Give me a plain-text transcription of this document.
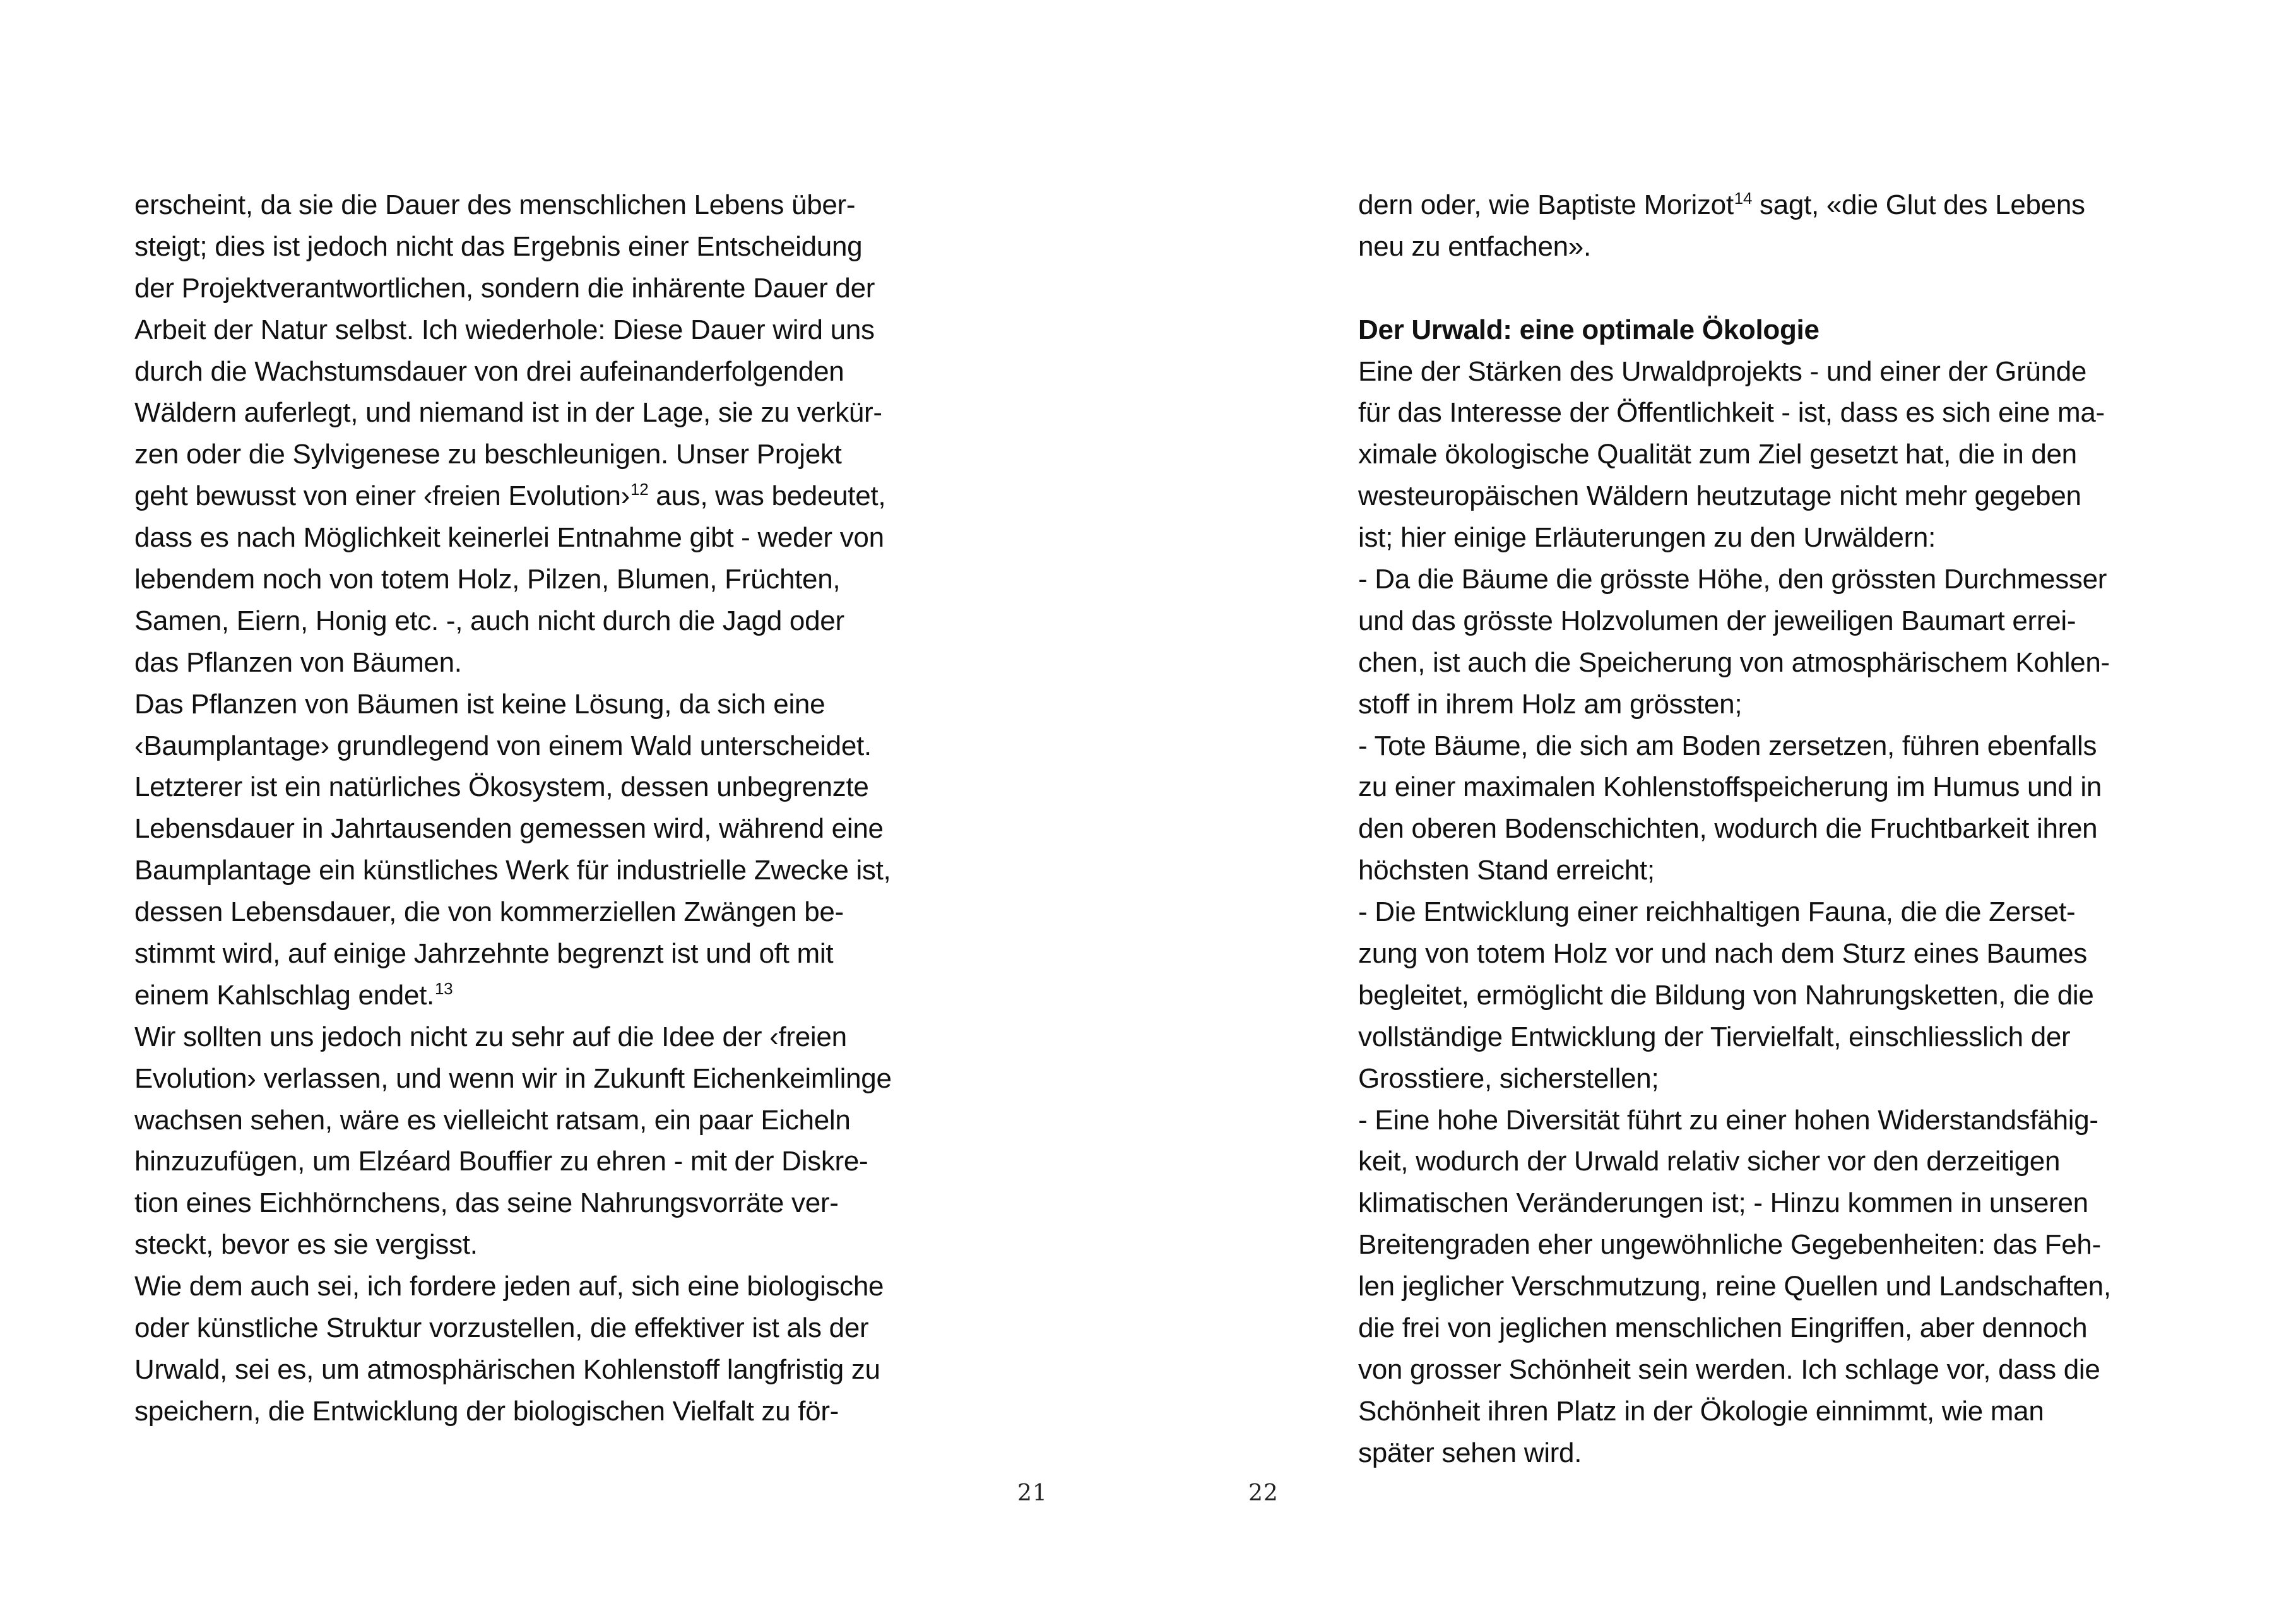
erscheint, da sie die Dauer des menschlichen Lebens über-
steigt; dies ist jedoch nicht das Ergebnis einer Entscheidung
der Projektverantwortlichen, sondern die inhärente Dauer der
Arbeit der Natur selbst. Ich wiederhole: Diese Dauer wird uns
durch die Wachstumsdauer von drei aufeinanderfolgenden
Wäldern auferlegt, und niemand ist in der Lage, sie zu verkür-
zen oder die Sylvigenese zu beschleunigen. Unser Projekt
geht bewusst von einer ‹freien Evolution›$^{12}$ aus, was bedeutet,
dass es nach Möglichkeit keinerlei Entnahme gibt - weder von
lebendem noch von totem Holz, Pilzen, Blumen, Früchten,
Samen, Eiern, Honig etc. -, auch nicht durch die Jagd oder
das Pflanzen von Bäumen.
Das Pflanzen von Bäumen ist keine Lösung, da sich eine
‹Baumplantage› grundlegend von einem Wald unterscheidet.
Letzterer ist ein natürliches Ökosystem, dessen unbegrenzte
Lebensdauer in Jahrtausenden gemessen wird, während eine
Baumplantage ein künstliches Werk für industrielle Zwecke ist,
dessen Lebensdauer, die von kommerziellen Zwängen be-
stimmt wird, auf einige Jahrzehnte begrenzt ist und oft mit
einem Kahlschlag endet.$^{13}$
Wir sollten uns jedoch nicht zu sehr auf die Idee der ‹freien
Evolution› verlassen, und wenn wir in Zukunft Eichenkeimlinge
wachsen sehen, wäre es vielleicht ratsam, ein paar Eicheln
hinzuzufügen, um Elzéard Bouffier zu ehren - mit der Diskre-
tion eines Eichhörnchens, das seine Nahrungsvorräte ver-
steckt, bevor es sie vergisst.
Wie dem auch sei, ich fordere jeden auf, sich eine biologische
oder künstliche Struktur vorzustellen, die effektiver ist als der
Urwald, sei es, um atmosphärischen Kohlenstoff langfristig zu
speichern, die Entwicklung der biologischen Vielfalt zu för-
dern oder, wie Baptiste Morizot$^{14}$ sagt, «die Glut des Lebens
neu zu entfachen».
Der Urwald: eine optimale Ökologie
Eine der Stärken des Urwaldprojekts - und einer der Gründe
für das Interesse der Öffentlichkeit - ist, dass es sich eine ma-
ximale ökologische Qualität zum Ziel gesetzt hat, die in den
westeuropäischen Wäldern heutzutage nicht mehr gegeben
ist; hier einige Erläuterungen zu den Urwäldern:
- Da die Bäume die grösste Höhe, den grössten Durchmesser
und das grösste Holzvolumen der jeweiligen Baumart errei-
chen, ist auch die Speicherung von atmosphärischem Kohlen-
stoff in ihrem Holz am grössten;
- Tote Bäume, die sich am Boden zersetzen, führen ebenfalls
zu einer maximalen Kohlenstoffspeicherung im Humus und in
den oberen Bodenschichten, wodurch die Fruchtbarkeit ihren
höchsten Stand erreicht;
- Die Entwicklung einer reichhaltigen Fauna, die die Zerset-
zung von totem Holz vor und nach dem Sturz eines Baumes
begleitet, ermöglicht die Bildung von Nahrungsketten, die die
vollständige Entwicklung der Tiervielfalt, einschliesslich der
Grosstiere, sicherstellen;
- Eine hohe Diversität führt zu einer hohen Widerstandsfähig-
keit, wodurch der Urwald relativ sicher vor den derzeitigen
klimatischen Veränderungen ist; - Hinzu kommen in unseren
Breitengraden eher ungewöhnliche Gegebenheiten: das Feh-
len jeglicher Verschmutzung, reine Quellen und Landschaften,
die frei von jeglichen menschlichen Eingriffen, aber dennoch
von grosser Schönheit sein werden. Ich schlage vor, dass die
Schönheit ihren Platz in der Ökologie einnimmt, wie man
später sehen wird.
21	22
